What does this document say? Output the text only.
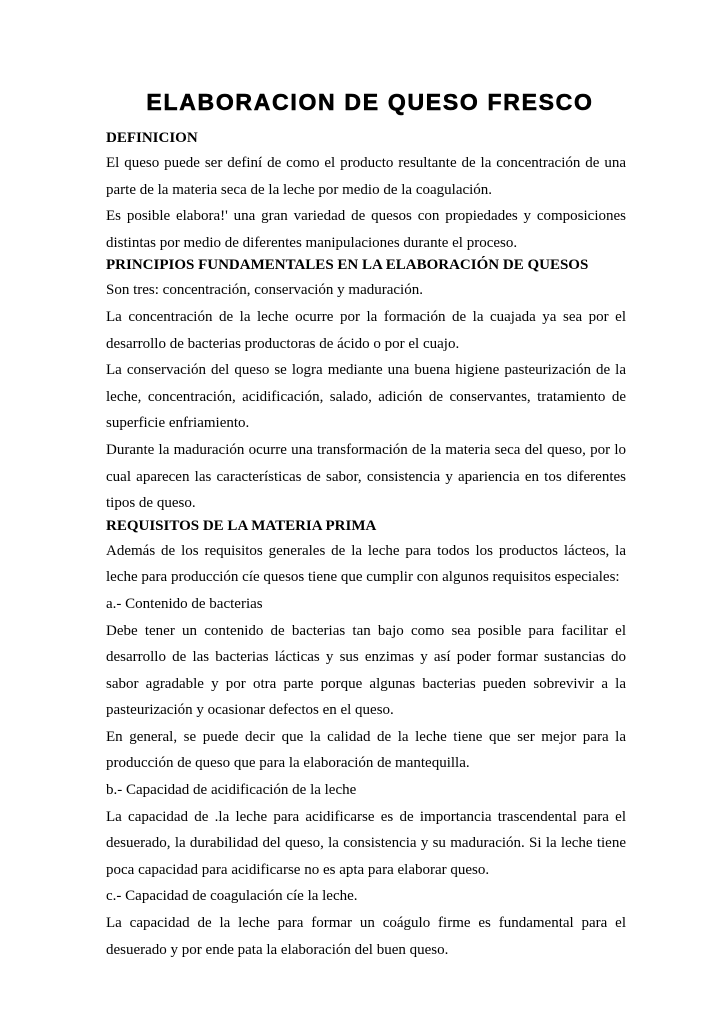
ELABORACION DE QUESO FRESCO
DEFINICION

El queso puede ser definí de como el producto resultante de la concentración de una parte de la materia seca de la leche por medio de la coagulación.

Es posible elabora!' una gran variedad de quesos con propiedades y composiciones distintas por medio de diferentes manipulaciones durante el proceso.

PRINCIPIOS FUNDAMENTALES EN LA ELABORACIÓN DE QUESOS

Son tres: concentración, conservación y maduración.

La concentración de la leche ocurre por la formación de la cuajada ya sea por el desarrollo de bacterias productoras de ácido o por el cuajo.

La conservación del queso se logra mediante una buena higiene pasteurización de la leche, concentración, acidificación, salado, adición de conservantes, tratamiento de superficie enfriamiento.

Durante la maduración ocurre una transformación de la materia seca del queso, por lo cual aparecen las características de sabor, consistencia y apariencia en tos diferentes tipos de queso.

REQUISITOS DE LA MATERIA PRIMA

Además de los requisitos generales de la leche para todos los productos lácteos, la leche para producción cíe quesos tiene que cumplir con algunos requisitos especiales:

a.- Contenido de bacterias

Debe tener un contenido de bacterias tan bajo como sea posible para facilitar el desarrollo de las bacterias lácticas y sus enzimas y así poder formar sustancias do sabor agradable y por otra parte porque algunas bacterias pueden sobrevivir a la pasteurización y ocasionar defectos en el queso.

En general, se puede decir que la calidad de la leche tiene que ser mejor para la producción de queso que para la elaboración de mantequilla.

b.- Capacidad de acidificación de la leche

La capacidad de .la leche para acidificarse es de importancia trascendental para el desuerado, la durabilidad del queso, la consistencia y su maduración. Si la leche tiene poca capacidad para acidificarse no es apta para elaborar queso.

c.- Capacidad de coagulación cíe la leche.

La capacidad de la leche para formar un coágulo firme es fundamental para el desuerado y por ende pata la elaboración del buen queso.
